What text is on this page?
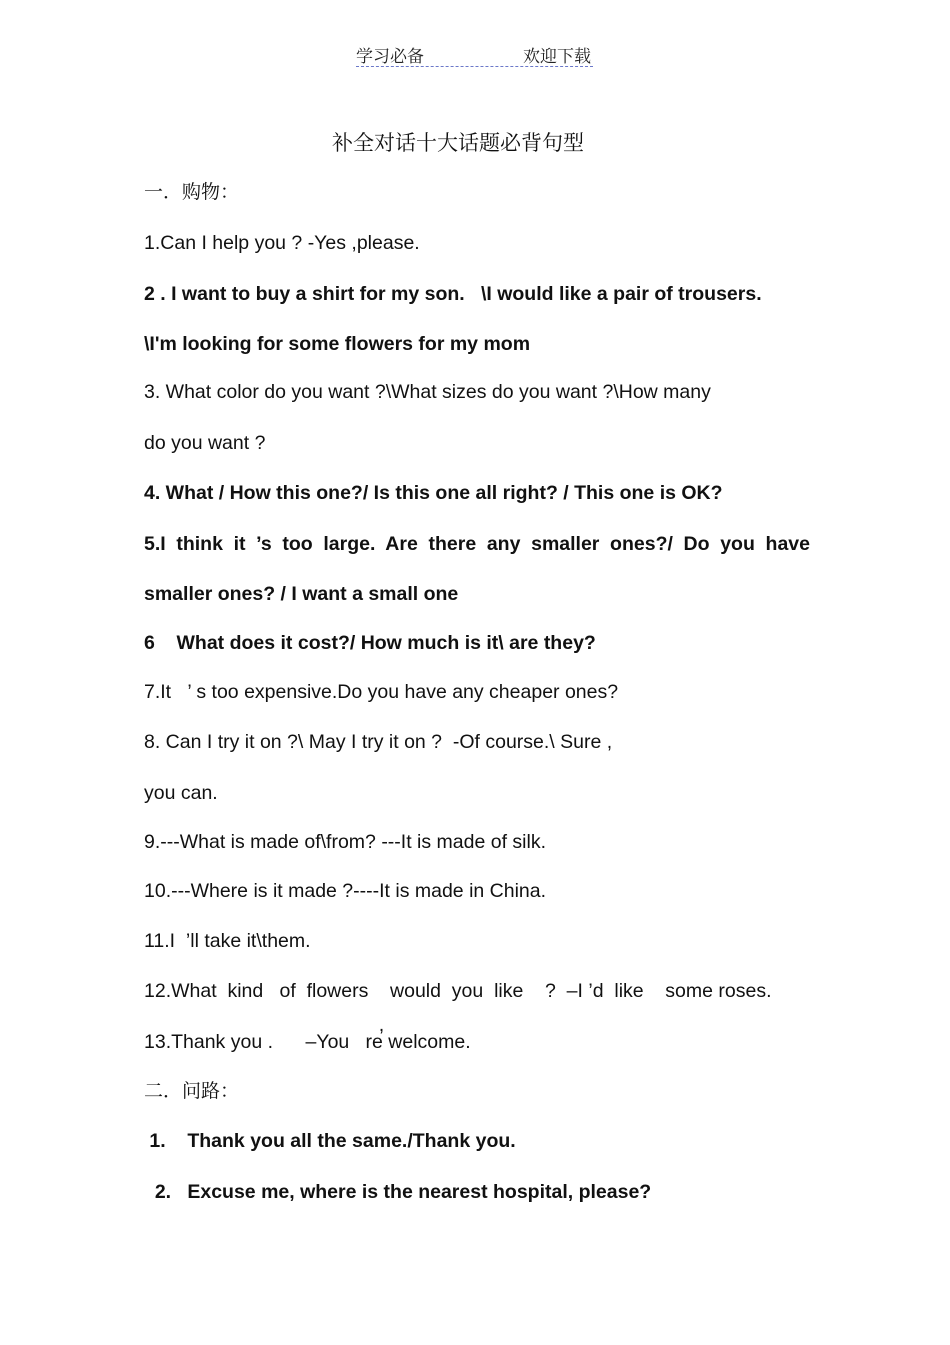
学习必备	欢迎下载
补全对话十大话题必背句型
一．购物：
1.Can I help you ? -Yes ,please.
2 . I want to buy a shirt for my son.   \I would like a pair of trousers.
\I'm looking for some flowers for my mom
3. What color do you want ?\What sizes do you want ?\How many
do you want ?
4. What / How this one?/ Is this one all right? / This one is OK?
5.I think it ’s too large. Are there any smaller ones?/ Do you have
smaller ones? / I want a small one
6    What does it cost?/ How much is it\ are they?
7.It   ’ s too expensive.Do you have any cheaper ones?
8. Can I try it on ?\ May I try it on ?  -Of course.\ Sure ,
you can.
9.---What is made of\from? ---It is made of silk.
10.---Where is it made ?----It is made in China.
11.I  ’ll take it\them.
12.What  kind   of  flowers    would  you  like    ?  –I ’d  like    some roses.
13.Thank you .      –You   re̕ welcome.
二．问路：
1.    Thank you all the same./Thank you.
2.   Excuse me, where is the nearest hospital, please?
